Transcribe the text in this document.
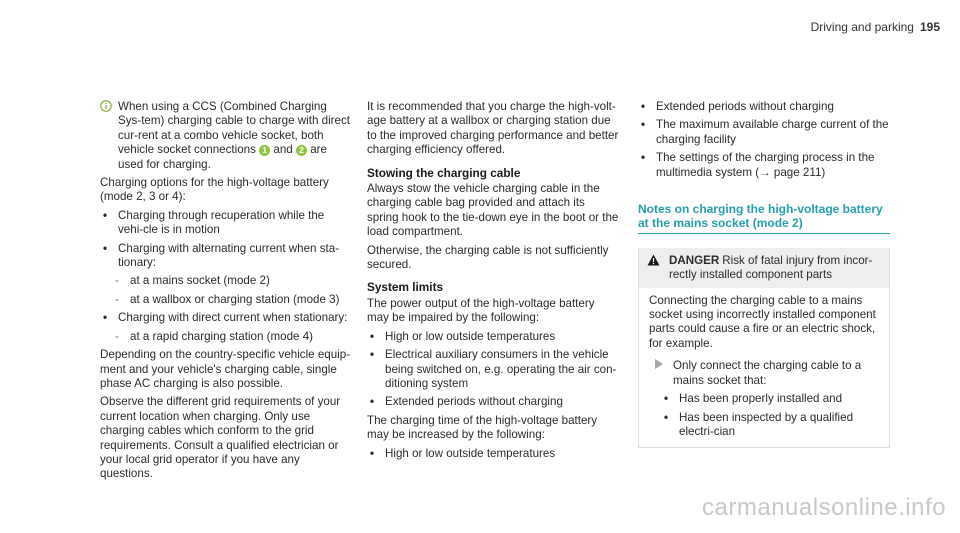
Driving and parking 195
When using a CCS (Combined Charging Sys-tem) charging cable to charge with direct cur-rent at a combo vehicle socket, both vehicle socket connections 1 and 2 are used for charging.

Charging options for the high-voltage battery (mode 2, 3 or 4):

• Charging through recuperation while the vehi-cle is in motion
• Charging with alternating current when sta-tionary:
- at a mains socket (mode 2)
- at a wallbox or charging station (mode 3)
• Charging with direct current when stationary:
- at a rapid charging station (mode 4)

Depending on the country-specific vehicle equip-ment and your vehicle's charging cable, single phase AC charging is also possible.

Observe the different grid requirements of your current location when charging. Only use charging cables which conform to the grid requirements. Consult a qualified electrician or your local grid operator if you have any questions.

It is recommended that you charge the high-volt-age battery at a wallbox or charging station due to the improved charging performance and better charging efficiency offered.

Stowing the charging cable

Always stow the vehicle charging cable in the charging cable bag provided and attach its spring hook to the tie-down eye in the boot or the load compartment.

Otherwise, the charging cable is not sufficiently secured.

System limits

The power output of the high-voltage battery may be impaired by the following:

• High or low outside temperatures
• Electrical auxiliary consumers in the vehicle being switched on, e.g. operating the air con-ditioning system
• Extended periods without charging

The charging time of the high-voltage battery may be increased by the following:

• High or low outside temperatures
• Extended periods without charging
• The maximum available charge current of the charging facility
• The settings of the charging process in the multimedia system (→ page 211)
Notes on charging the high-voltage battery at the mains socket (mode 2)
DANGER Risk of fatal injury from incor-rectly installed component parts

Connecting the charging cable to a mains socket using incorrectly installed component parts could cause a fire or an electric shock, for example.

Only connect the charging cable to a mains socket that:
• Has been properly installed and
• Has been inspected by a qualified electri-cian
carmanualsonline.info
